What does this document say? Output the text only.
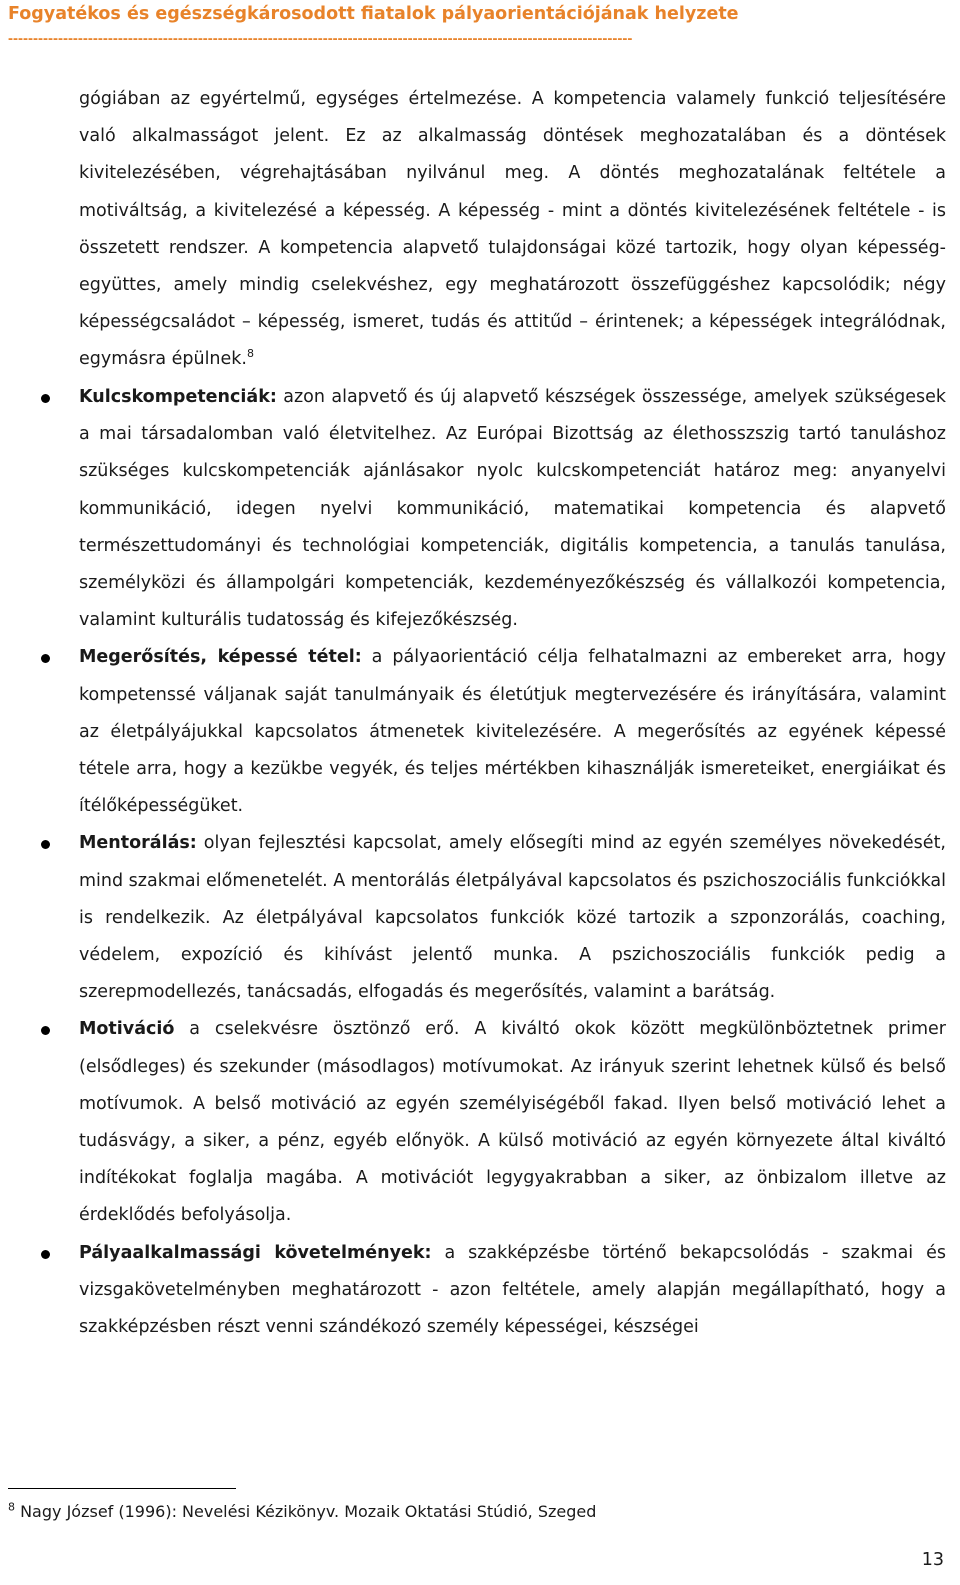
Fogyatékos és egészségkárosodott fiatalok pályaorientációjának helyzete
-----------------------------------------------------------------------------------------------------------------------------
gógiában az egyértelmű, egységes értelmezése. A kompetencia valamely funkció teljesítésére való alkalmasságot jelent. Ez az alkalmasság döntések meghozatalában és a döntések kivitelezésében, végrehajtásában nyilvánul meg. A döntés meghozatalának feltétele a motiváltság, a kivitelezésé a képesség. A képesség - mint a döntés kivitelezésének feltétele - is összetett rendszer. A kompetencia alapvető tulajdonságai közé tartozik, hogy olyan képesség-együttes, amely mindig cselekvéshez, egy meghatározott összefüggéshez kapcsolódik; négy képességcsaládot – képesség, ismeret, tudás és attitűd – érintenek; a képességek integrálódnak, egymásra épülnek.$^8$
Kulcskompetenciák: azon alapvető és új alapvető készségek összessége, amelyek szükségesek a mai társadalomban való életvitelhez. Az Európai Bizottság az élethosszszig tartó tanuláshoz szükséges kulcskompetenciák ajánlásakor nyolc kulcskompetenciát határoz meg: anyanyelvi kommunikáció, idegen nyelvi kommunikáció, matematikai kompetencia és alapvető természettudományi és technológiai kompetenciák, digitális kompetencia, a tanulás tanulása, személyközi és állampolgári kompetenciák, kezdeményezőkészség és vállalkozói kompetencia, valamint kulturális tudatosság és kifejezőkészség.
Megerősítés, képessé tétel: a pályaorientáció célja felhatalmazni az embereket arra, hogy kompetenssé váljanak saját tanulmányaik és életútjuk megtervezésére és irányítására, valamint az életpályájukkal kapcsolatos átmenetek kivitelezésére. A megerősítés az egyének képessé tétele arra, hogy a kezükbe vegyék, és teljes mértékben kihasználják ismereteiket, energiáikat és ítélőképességüket.
Mentorálás: olyan fejlesztési kapcsolat, amely elősegíti mind az egyén személyes növekedését, mind szakmai előmenetelét. A mentorálás életpályával kapcsolatos és pszichoszociális funkciókkal is rendelkezik. Az életpályával kapcsolatos funkciók közé tartozik a szponzorálás, coaching, védelem, expozíció és kihívást jelentő munka. A pszichoszociális funkciók pedig a szerepmodellezés, tanácsadás, elfogadás és megerősítés, valamint a barátság.
Motiváció a cselekvésre ösztönző erő. A kiváltó okok között megkülönböztetnek primer (elsődleges) és szekunder (másodlagos) motívumokat. Az irányuk szerint lehetnek külső és belső motívumok. A belső motiváció az egyén személyiségéből fakad. Ilyen belső motiváció lehet a tudásvágy, a siker, a pénz, egyéb előnyök. A külső motiváció az egyén környezete által kiváltó indítékokat foglalja magába. A motivációt legygyakrabban a siker, az önbizalom illetve az érdeklődés befolyásolja.
Pályaalkalmassági követelmények: a szakképzésbe történő bekapcsolódás - szakmai és vizsgakövetelményben meghatározott - azon feltétele, amely alapján megállapítható, hogy a szakképzésben részt venni szándékozó személy képességei, készségei
$^8$ Nagy József (1996): Nevelési Kézikönyv. Mozaik Oktatási Stúdió, Szeged
13
